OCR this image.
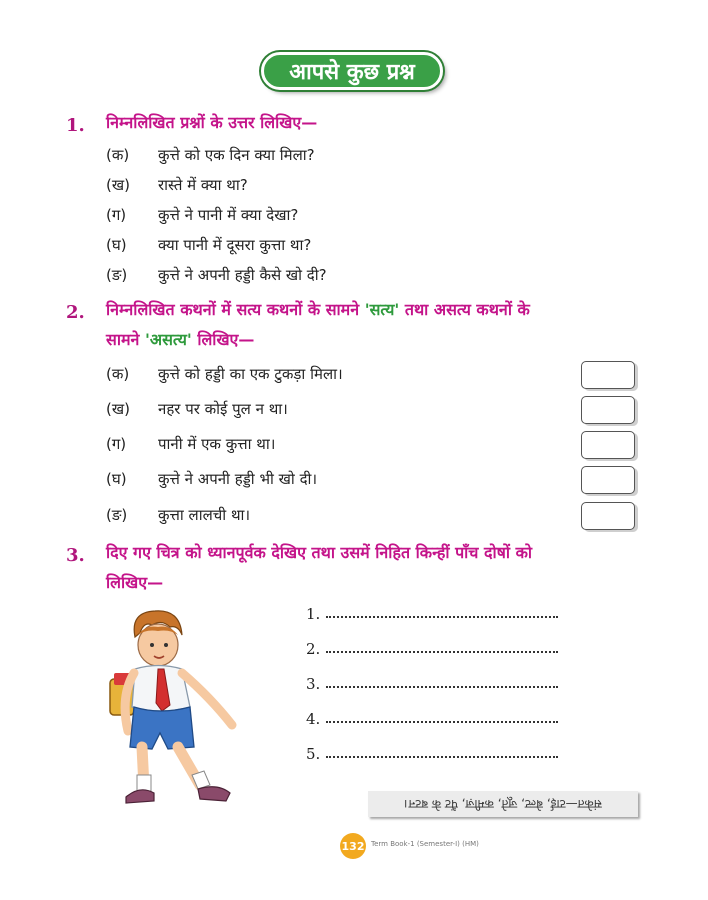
आपसे कुछ प्रश्न
1. निम्नलिखित प्रश्नों के उत्तर लिखिए—
(क)	कुत्ते को एक दिन क्या मिला?
(ख)	रास्ते में क्या था?
(ग)	कुत्ते ने पानी में क्या देखा?
(घ)	क्या पानी में दूसरा कुत्ता था?
(ङ)	कुत्ते ने अपनी हड्डी कैसे खो दी?
2. निम्नलिखित कथनों में सत्य कथनों के सामने 'सत्य' तथा असत्य कथनों के
सामने 'असत्य' लिखिए—
(क)	कुत्ते को हड्डी का एक टुकड़ा मिला।
(ख)	नहर पर कोई पुल न था।
(ग)	पानी में एक कुत्ता था।
(घ)	कुत्ते ने अपनी हड्डी भी खो दी।
(ङ)	कुत्ता लालची था।
3. दिए गए चित्र को ध्यानपूर्वक देखिए तथा उसमें निहित किन्हीं पाँच दोषों को
लिखिए—
1.
2.
3.
4.
5.
संकेत—टाई, बेल्ट, जूते, कमीज़, पैंट के बटन।
132 Term Book-1 (Semester-I) (HM)
